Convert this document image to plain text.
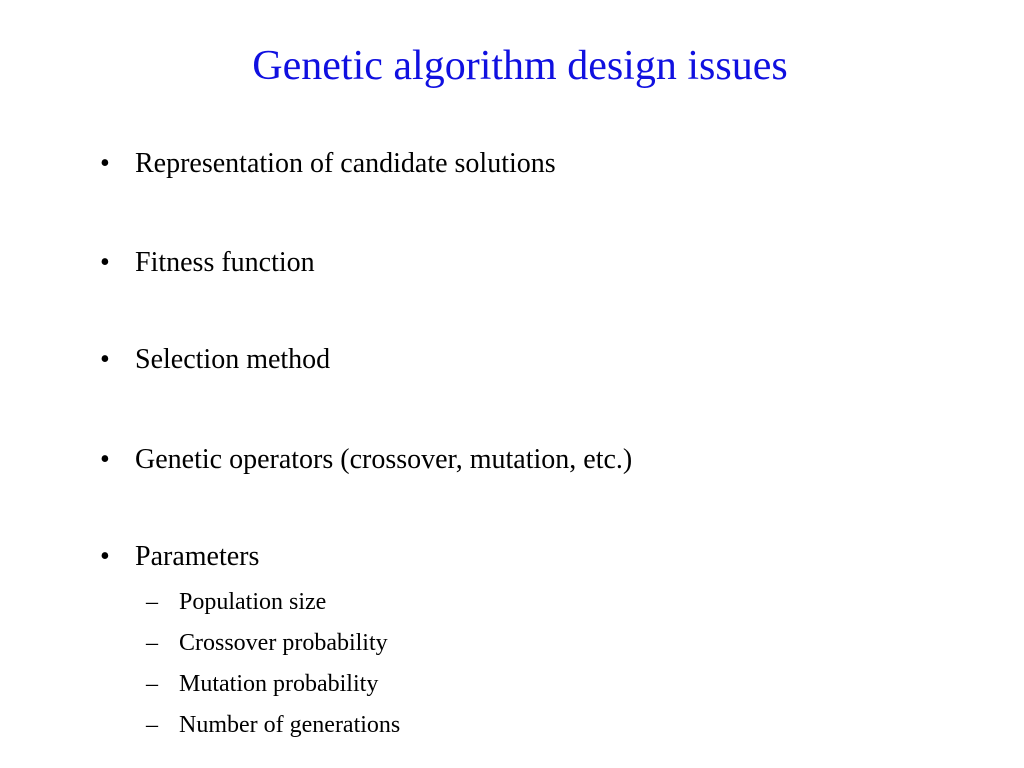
Genetic algorithm design issues
• Representation of candidate solutions
• Fitness function
• Selection method
• Genetic operators (crossover, mutation, etc.)
• Parameters
– Population size
– Crossover probability
– Mutation probability
– Number of generations
